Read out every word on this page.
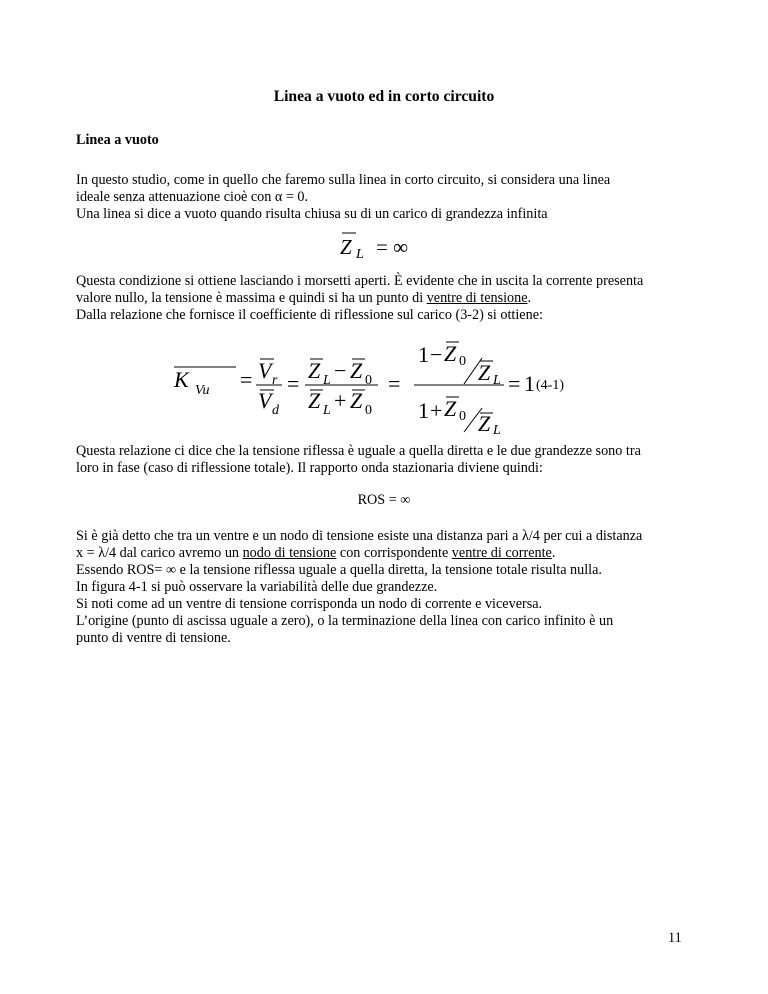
Linea a vuoto ed in corto circuito
Linea a vuoto
In questo studio, come in quello che faremo sulla linea in corto circuito, si considera una linea
ideale senza attenuazione cioè con α = 0.
Una linea si dice a vuoto quando risulta chiusa su di un carico di grandezza infinita
Z L = ∞
Questa condizione si ottiene lasciando i morsetti aperti. È evidente che in uscita la corrente presenta
valore nullo, la tensione è massima e quindi si ha un punto di ventre di tensione.
Dalla relazione che fornisce il coefficiente di riflessione sul carico (3-2) si ottiene:
K Vu = V r
V d
=
Z L − Z 0
Z L + Z 0
=
1 − Z 0 Z L
1 + Z 0 Z L
= 1 (4-1)
Questa relazione ci dice che la tensione riflessa è uguale a quella diretta e le due grandezze sono tra
loro in fase (caso di riflessione totale). Il rapporto onda stazionaria diviene quindi:
ROS = ∞
Si è già detto che tra un ventre e un nodo di tensione esiste una distanza pari a λ/4 per cui a distanza
x = λ/4 dal carico avremo un nodo di tensione con corrispondente ventre di corrente.
Essendo ROS= ∞ e la tensione riflessa uguale a quella diretta, la tensione totale risulta nulla.
In figura 4-1 si può osservare la variabilità delle due grandezze.
Si noti come ad un ventre di tensione corrisponda un nodo di corrente e viceversa.
L’origine (punto di ascissa uguale a zero), o la terminazione della linea con carico infinito è un
punto di ventre di tensione.
11
